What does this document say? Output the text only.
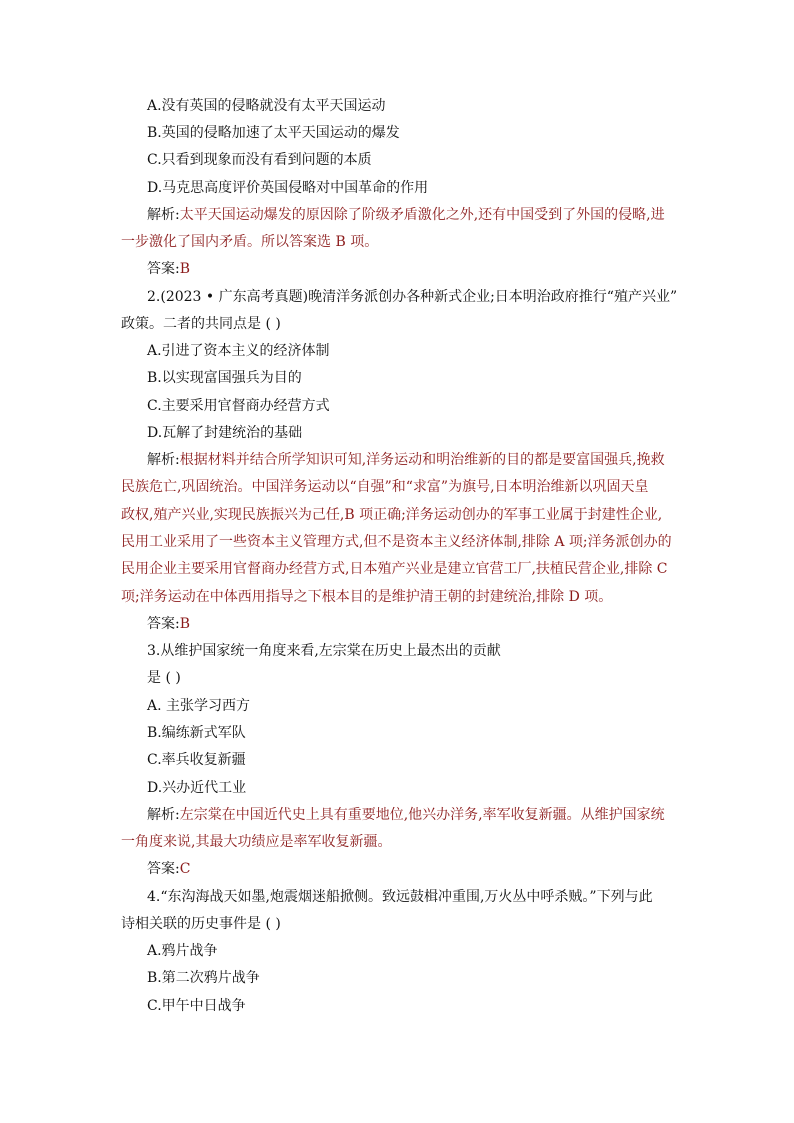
A.没有英国的侵略就没有太平天国运动
B.英国的侵略加速了太平天国运动的爆发
C.只看到现象而没有看到问题的本质
D.马克思高度评价英国侵略对中国革命的作用
解析:太平天国运动爆发的原因除了阶级矛盾激化之外,还有中国受到了外国的侵略,进
一步激化了国内矛盾。所以答案选 B 项。
答案:B
2.(2023 • 广东高考真题)晚清洋务派创办各种新式企业;日本明治政府推行“殖产兴业”
政策。二者的共同点是 ( )
A.引进了资本主义的经济体制
B.以实现富国强兵为目的
C.主要采用官督商办经营方式
D.瓦解了封建统治的基础
解析:根据材料并结合所学知识可知,洋务运动和明治维新的目的都是要富国强兵,挽救
民族危亡,巩固统治。中国洋务运动以“自强”和“求富”为旗号,日本明治维新以巩固天皇
政权,殖产兴业,实现民族振兴为己任,B 项正确;洋务运动创办的军事工业属于封建性企业,
民用工业采用了一些资本主义管理方式,但不是资本主义经济体制,排除 A 项;洋务派创办的
民用企业主要采用官督商办经营方式,日本殖产兴业是建立官营工厂,扶植民营企业,排除 C
项;洋务运动在中体西用指导之下根本目的是维护清王朝的封建统治,排除 D 项。
答案:B
3.从维护国家统一角度来看,左宗棠在历史上最杰出的贡献
是 ( )
A. 主张学习西方
B.编练新式军队
C.率兵收复新疆
D.兴办近代工业
解析:左宗棠在中国近代史上具有重要地位,他兴办洋务,率军收复新疆。从维护国家统
一角度来说,其最大功绩应是率军收复新疆。
答案:C
4.“东沟海战天如墨,炮震烟迷船掀侧。致远鼓楫冲重围,万火丛中呼杀贼。”下列与此
诗相关联的历史事件是 ( )
A.鸦片战争
B.第二次鸦片战争
C.甲午中日战争
